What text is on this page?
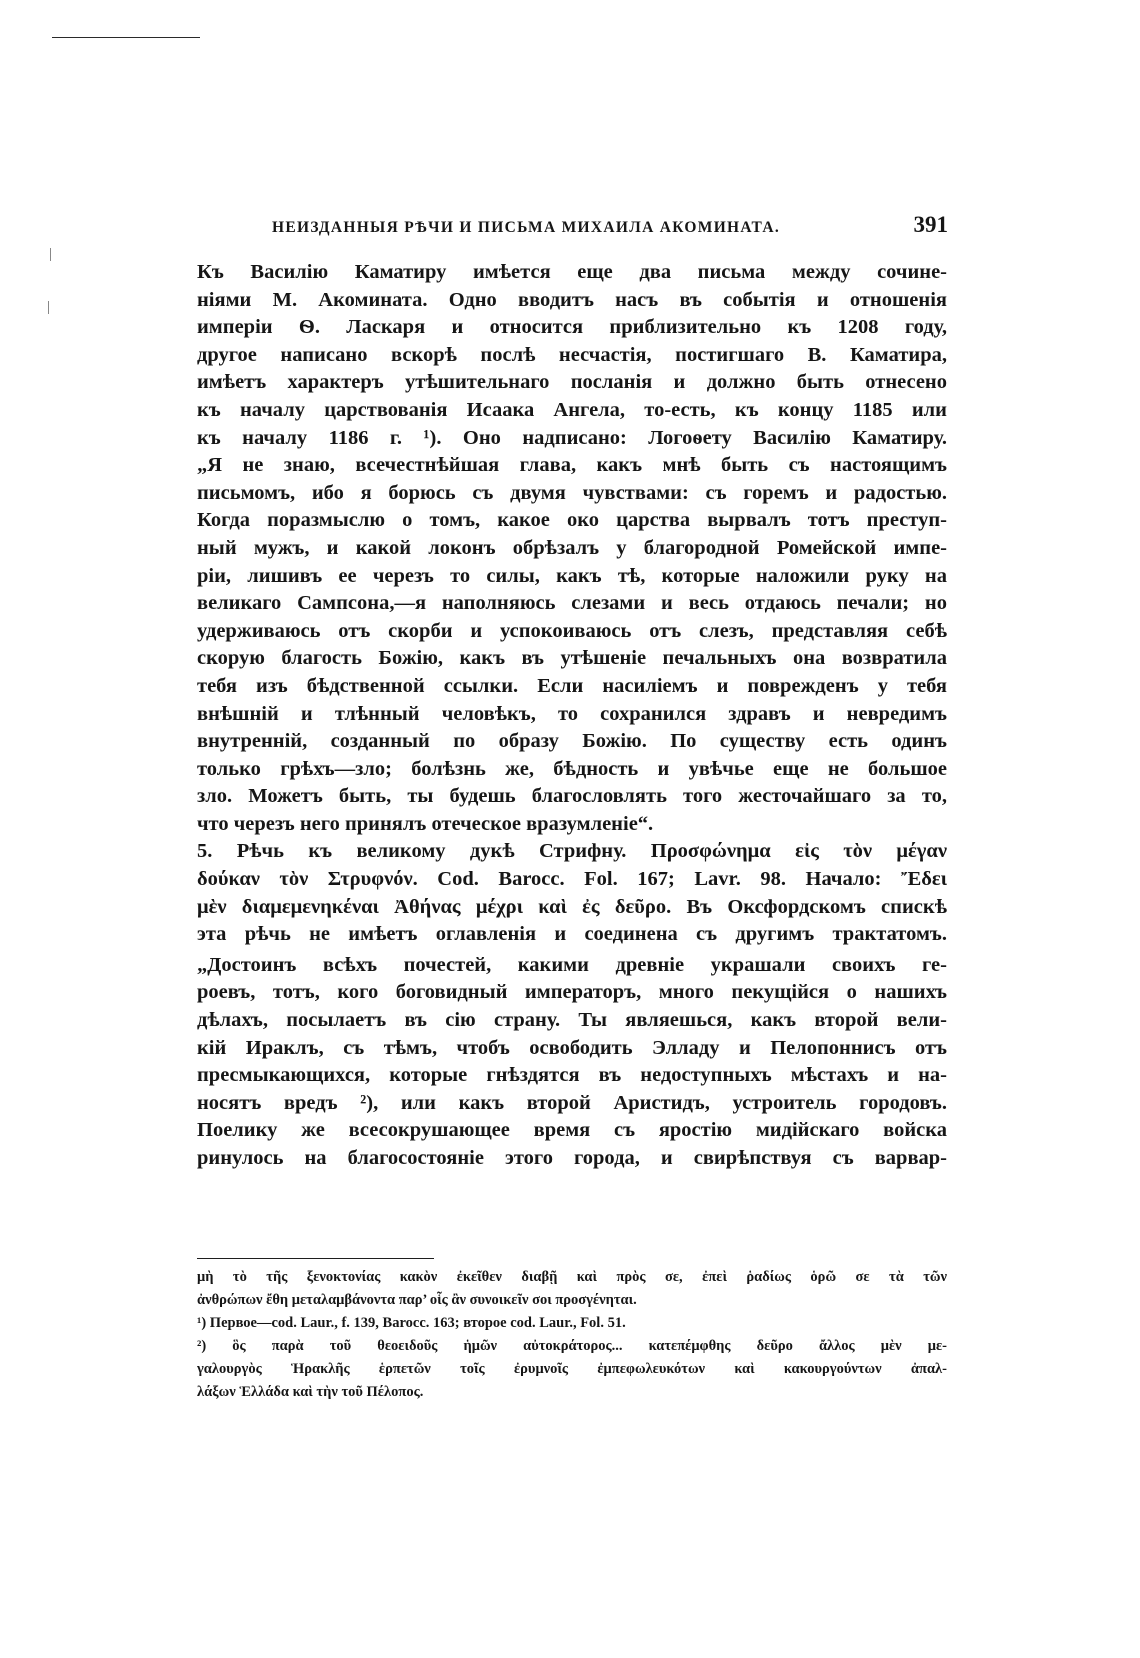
НЕИЗДАННЫЯ РѢЧИ И ПИСЬМА МИХАИЛА АКОМИНАТА.	391
Къ Василію Каматиру имѣется еще два письма между сочине-
ніями М. Акомината. Одно вводитъ насъ въ событія и отношенія
имперіи Ѳ. Ласкаря и относится приблизительно къ 1208 году,
другое написано вскорѣ послѣ несчастія, постигшаго В. Каматира,
имѣетъ характеръ утѣшительнаго посланія и должно быть отнесено
къ началу царствованія Исаака Ангела, то-есть, къ концу 1185 или
къ началу 1186 г. ¹). Оно надписано: Логоѳету Василію Каматиру.
„Я не знаю, всечестнѣйшая глава, какъ мнѣ быть съ настоящимъ
письмомъ, ибо я борюсь съ двумя чувствами: съ горемъ и радостью.
Когда поразмыслю о томъ, какое око царства вырвалъ тотъ преступ-
ный мужъ, и какой локонъ обрѣзалъ у благородной Ромейской импе-
ріи, лишивъ ее черезъ то силы, какъ тѣ, которые наложили руку на
великаго Сампсона,—я наполняюсь слезами и весь отдаюсь печали; но
удерживаюсь отъ скорби и успокоиваюсь отъ слезъ, представляя себѣ
скорую благость Божію, какъ въ утѣшеніе печальныхъ она возвратила
тебя изъ бѣдственной ссылки. Если насиліемъ и поврежденъ у тебя
внѣшній и тлѣнный человѣкъ, то сохранился здравъ и невредимъ
внутренній, созданный по образу Божію. По существу есть одинъ
только грѣхъ—зло; болѣзнь же, бѣдность и увѣчье еще не большое
зло. Можетъ быть, ты будешь благословлять того жесточайшаго за то,
что черезъ него принялъ отеческое вразумленіе“.
5. Рѣчь къ великому дукѣ Стрифну. Προσφώνημα εἰς τὸν μέγαν
δούκαν τὸν Στρυφνόν. Cod. Barocc. Fol. 167; Lavr. 98. Начало: Ἔδει
μὲν διαμεμενηκέναι Ἀθήνας μέχρι καὶ ἐς δεῦρο. Въ Оксфордскомъ спискѣ
эта рѣчь не имѣетъ оглавленія и соединена съ другимъ трактатомъ.
„Достоинъ всѣхъ почестей, какими древніе украшали своихъ ге-
роевъ, тотъ, кого боговидный императоръ, много пекущійся о нашихъ
дѣлахъ, посылаетъ въ сію страну. Ты являешься, какъ второй вели-
кій Ираклъ, съ тѣмъ, чтобъ освободить Элладу и Пелопоннисъ отъ
пресмыкающихся, которые гнѣздятся въ недоступныхъ мѣстахъ и на-
носятъ вредъ ²), или какъ второй Аристидъ, устроитель городовъ.
Поелику же всесокрушающее время съ яростію мидійскаго войска
ринулось на благосостояніе этого города, и свирѣпствуя съ варвар-
μὴ τὸ τῆς ξενοκτονίας κακὸν ἐκεῖθεν διαβῇ καὶ πρὸς σε, ἐπεὶ ῥαδίως ὁρῶ σε τὰ τῶν
ἀνθρώπων ἔθη μεταλαμβάνοντα παρ’ οἷς ἂν συνοικεῖν σοι προσγένηται.
¹) Первое—cod. Laur., f. 139, Barocc. 163; второе cod. Laur., Fol. 51.
²) ὃς παρὰ τοῦ θεοειδοῦς ἡμῶν αὐτοκράτορος... κατεπέμφθης δεῦρο ἄλλος μὲν με-
γαλουργὸς Ἡρακλῆς ἑρπετῶν τοῖς ἐρυμνοῖς ἐμπεφωλευκότων καὶ κακουργούντων ἀπαλ-
λάξων Ἑλλάδα καὶ τὴν τοῦ Πέλοπος.
